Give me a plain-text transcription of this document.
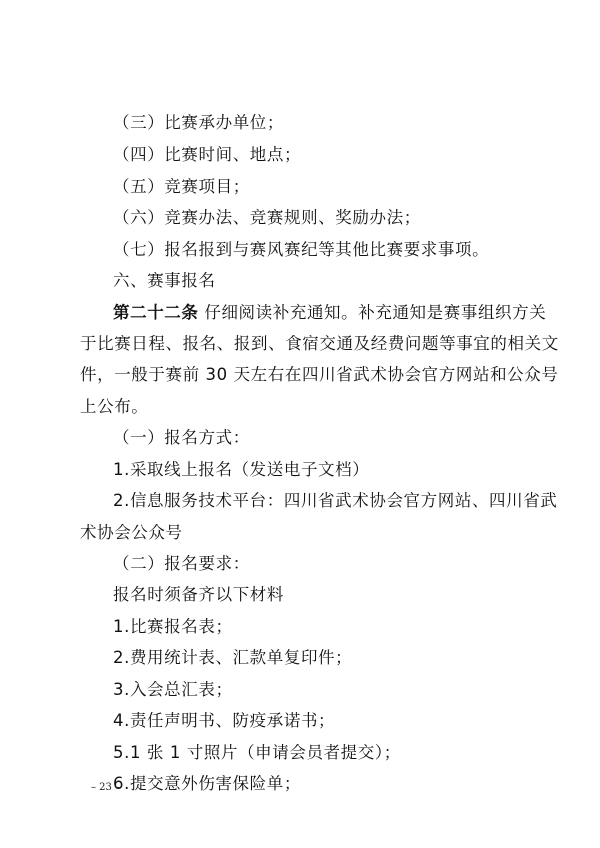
（三）比赛承办单位；
（四）比赛时间、地点；
（五）竞赛项目；
（六）竞赛办法、竞赛规则、奖励办法；
（七）报名报到与赛风赛纪等其他比赛要求事项。
六、赛事报名
第二十二条 仔细阅读补充通知。补充通知是赛事组织方关
于比赛日程、报名、报到、食宿交通及经费问题等事宜的相关文
件，一般于赛前 30 天左右在四川省武术协会官方网站和公众号
上公布。
（一）报名方式：
1.采取线上报名（发送电子文档）
2.信息服务技术平台：四川省武术协会官方网站、四川省武
术协会公众号
（二）报名要求：
报名时须备齐以下材料
1.比赛报名表；
2.费用统计表、汇款单复印件；
3.入会总汇表；
4.责任声明书、防疫承诺书；
5.1 张 1 寸照片（申请会员者提交）；
6.提交意外伤害保险单；
– 23 –
